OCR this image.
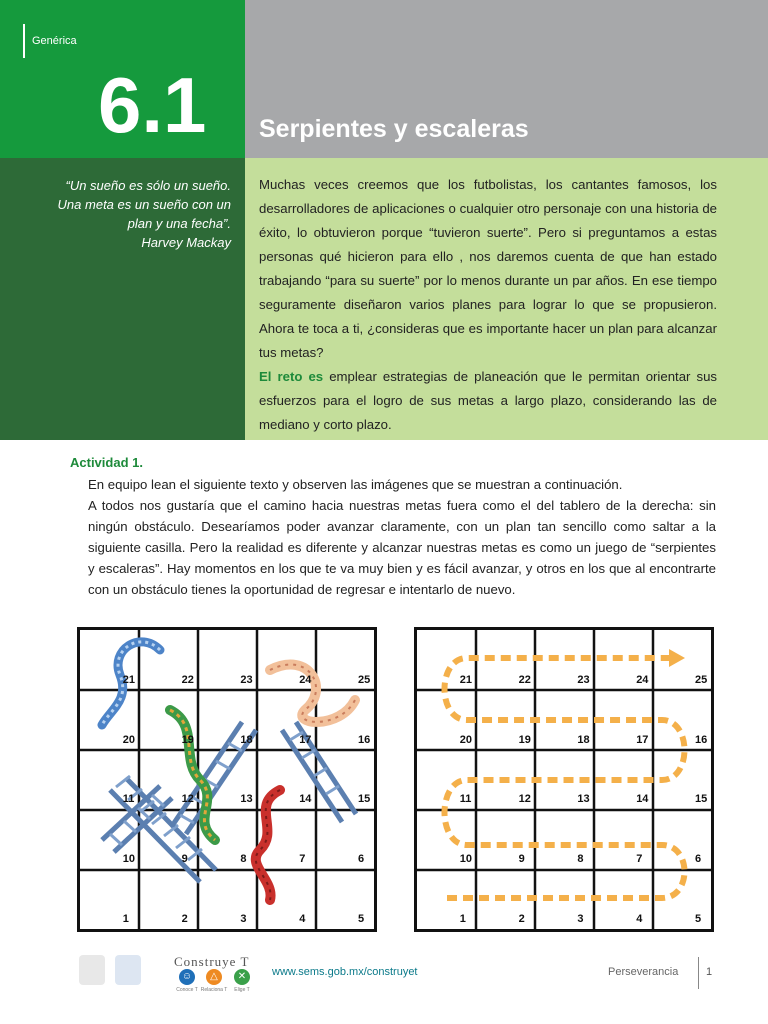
Genérica
6.1 Serpientes y escaleras
“Un sueño es sólo un sueño.
Una meta es un sueño con un
plan y una fecha”.
Harvey Mackay
Muchas veces creemos que los futbolistas, los cantantes famosos, los desarrolladores de aplicaciones o cualquier otro personaje con una historia de éxito, lo obtuvieron porque “tuvieron suerte”. Pero si preguntamos a estas personas qué hicieron para ello , nos daremos cuenta de que han estado trabajando “para su suerte” por lo menos durante un par años. En ese tiempo seguramente diseñaron varios planes para lograr lo que se propusieron. Ahora te toca a ti, ¿consideras que es importante hacer un plan para alcanzar tus metas?
El reto es emplear estrategias de planeación que le permitan orientar sus esfuerzos para el logro de sus metas a largo plazo, considerando las de mediano y corto plazo.
Actividad 1.
En equipo lean el siguiente texto y observen las imágenes que se muestran a continuación.
A todos nos gustaría que el camino hacia nuestras metas fuera como el del tablero de la derecha: sin ningún obstáculo. Desearíamos poder avanzar claramente, con un plan tan sencillo como saltar a la siguiente casilla. Pero la realidad es diferente y alcanzar nuestras metas es como un juego de “serpientes y escaleras”. Hay momentos en los que te va muy bien y es fácil avanzar, y otros en los que al encontrarte con un obstáculo tienes la oportunidad de regresar e intentarlo de nuevo.
21	22	23	24	25
20	19	18	17	16
11	12	13	14	15
10	9	8	7	6
1	2	3	4	5
21	22	23	24	25
20	19	18	17	16
11	12	13	14	15
10	9	8	7	6
1	2	3	4	5
Construye T
☺	△	✕
Conoce T Relaciona T	Elige T
www.sems.gob.mx/construyet	Perseverancia	1
